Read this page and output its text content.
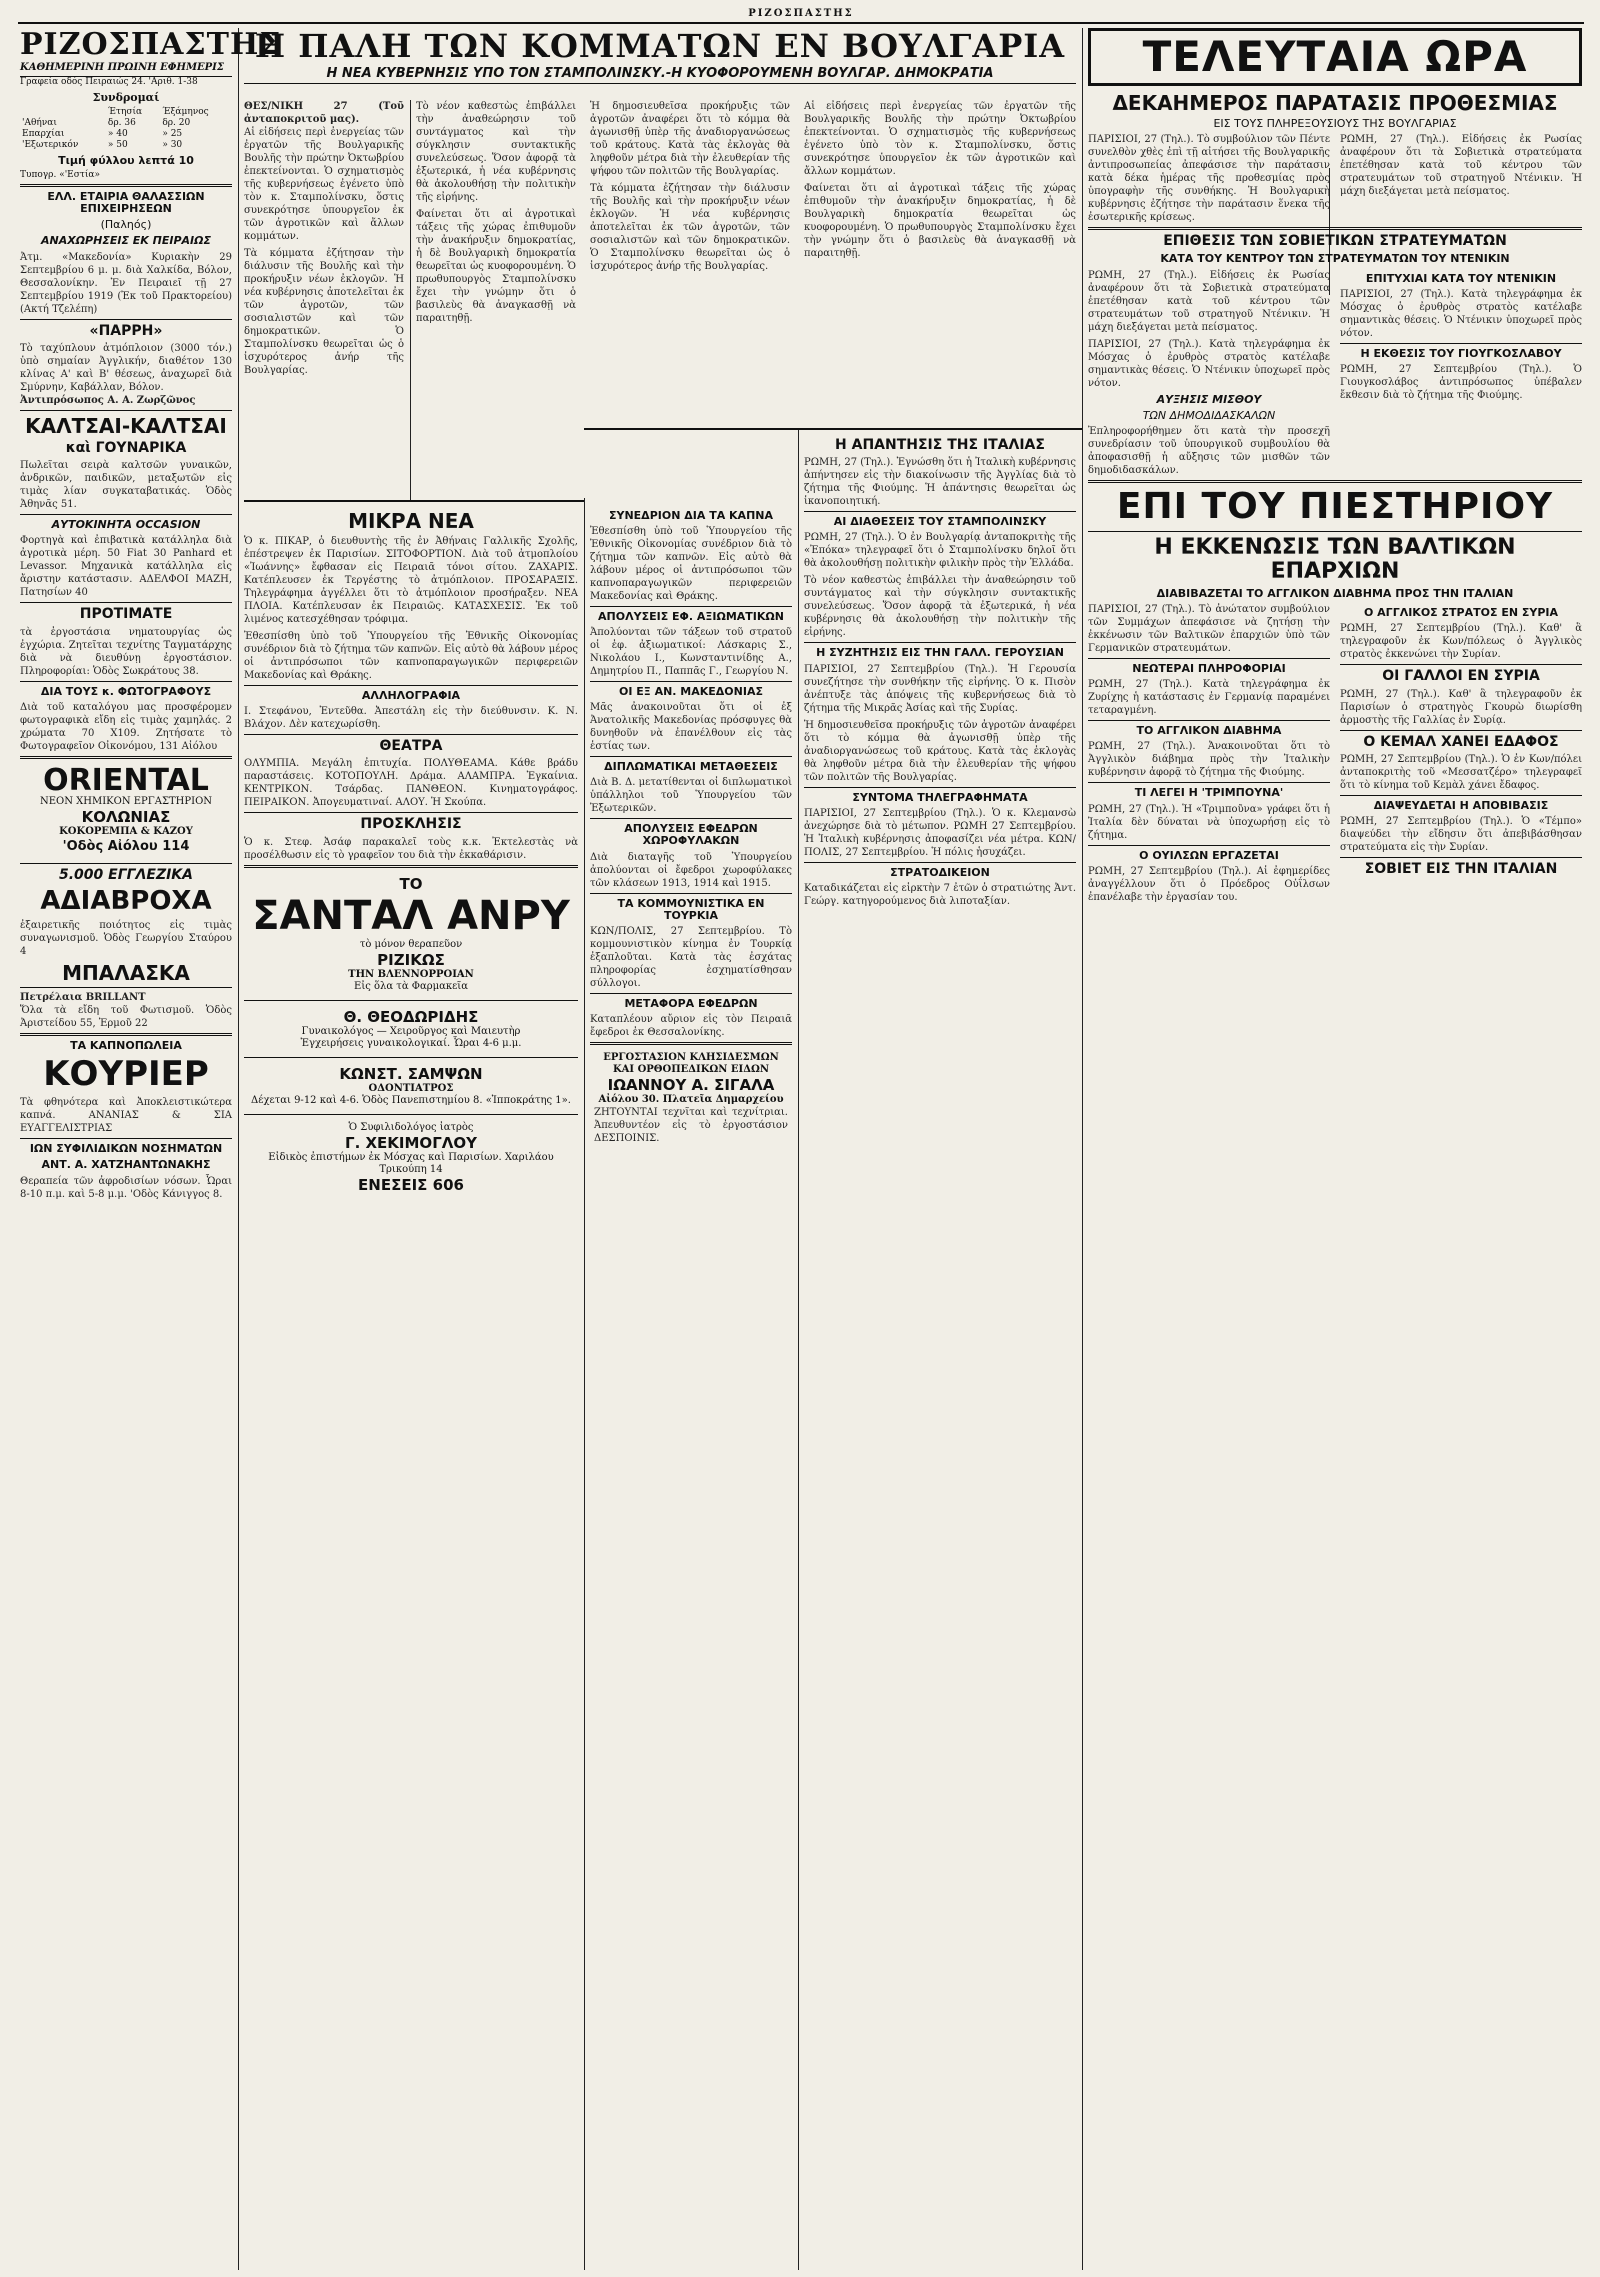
ΡΙΖΟΣΠΑΣΤΗΣ
ΡΙΖΟΣΠΑΣΤΗΣ
ΚΑΘΗΜΕΡΙΝΗ ΠΡΩΙΝΗ ΕΦΗΜΕΡΙΣ
Γραφεία οδός Πειραιώς 24. 'Αριθ. 1-38
Συνδρομαί
	Έτησία	Έξάμηνος
'Αθήναι	δρ. 36	δρ. 20
Επαρχίαι	» 40	» 25
'Εξωτερικόν	» 50	» 30
Τιμή φύλλου λεπτά 10
Τυπογρ. «'Εστία»
ΕΛΛ. ΕΤΑΙΡΙΑ ΘΑΛΑΣΣΙΩΝ ΕΠΙΧΕΙΡΗΣΕΩΝ
(Παληός)
ΑΝΑΧΩΡΗΣΕΙΣ ΕΚ ΠΕΙΡΑΙΩΣ
Ἀτμ. «Μακεδονία» Κυριακὴν 29 Σεπτεμβρίου 6 μ. μ. διὰ Χαλκίδα, Βόλον, Θεσσαλονίκην. Ἐν Πειραιεῖ τῇ 27 Σεπτεμβρίου 1919 (Ἐκ τοῦ Πρακτορείου) (Ακτή Τζελέπη)
«ΠΑΡΡΗ»
Τὸ ταχύπλουν ἀτμόπλοιον (3000 τόν.) ὑπὸ σημαίαν Ἀγγλικήν, διαθέτον 130 κλίνας Α' καὶ Β' θέσεως, ἀναχωρεῖ διὰ Σμύρνην, Καβάλλαν, Βόλον.
Ἀντιπρόσωπος Α. Α. Ζωρζῶνος
ΚΑΛΤΣΑΙ-ΚΑΛΤΣΑΙ
καὶ ΓΟΥΝΑΡΙΚΑ
Πωλεῖται σειρὰ καλτσῶν γυναικῶν, ἀνδρικῶν, παιδικῶν, μεταξωτῶν εἰς τιμὰς λίαν συγκαταβατικάς. Ὁδὸς Ἀθηνᾶς 51.
ΑΥΤΟΚΙΝΗΤΑ OCCASION
Φορτηγὰ καὶ ἐπιβατικὰ κατάλληλα διὰ ἀγροτικὰ μέρη. 50 Fiat 30 Panhard et Levassor. Μηχανικὰ κατάλληλα εἰς ἄριστην κατάστασιν. ΑΔΕΛΦΟΙ ΜΑΖΗ, Πατησίων 40
ΠΡΟΤΙΜΑΤΕ
τὰ ἐργοστάσια νηματουργίας ὡς ἐγχώρια. Ζητεῖται τεχνίτης Ταγματάρχης διὰ νὰ διευθύνῃ ἐργοστάσιον. Πληροφορίαι: Ὁδὸς Σωκράτους 38.
ΔΙΑ ΤΟΥΣ κ. ΦΩΤΟΓΡΑΦΟΥΣ
Διὰ τοῦ καταλόγου μας προσφέρομεν φωτογραφικὰ εἴδη εἰς τιμὰς χαμηλάς. 2 χρώματα 70 Χ109. Ζητήσατε τὸ Φωτογραφεῖον Οἰκονόμου, 131 Αἰόλου
ORIENTAL
ΝΕΟΝ ΧΗΜΙΚΟΝ ΕΡΓΑΣΤΗΡΙΟΝ
ΚΟΛΩΝΙΑΣ
ΚΟΚΟΡΕΜΠΑ & ΚΑΖΟΥ
'Οδὸς Αἰόλου 114
5.000 ΕΓΓΛΕΖΙΚΑ
ΑΔΙΑΒΡΟΧΑ
ἐξαιρετικῆς ποιότητος εἰς τιμὰς συναγωνισμοῦ. Ὁδὸς Γεωργίου Σταύρου 4
ΜΠΑΛΑΣΚΑ
Πετρέλαια BRILLANT
Ὅλα τὰ εἴδη τοῦ Φωτισμοῦ. Ὁδὸς Ἀριστείδου 55, Ἐρμοῦ 22
ΤΑ ΚΑΠΝΟΠΩΛΕΙΑ
ΚΟΥΡΙΕΡ
Τὰ φθηνότερα καὶ Ἀποκλειστικώτερα καπνά. ΑΝΑΝΙΑΣ & ΣΙΑ ΕΥΑΓΓΕΛΙΣΤΡΙΑΣ
ΙΩΝ ΣΥΦΙΛΙΔΙΚΩΝ ΝΟΣΗΜΑΤΩΝ
ΑΝΤ. Α. ΧΑΤΖΗΑΝΤΩΝΑΚΗΣ
Θεραπεία τῶν ἀφροδισίων νόσων. Ὧραι 8-10 π.μ. καὶ 5-8 μ.μ. 'Οδὸς Κάνιγγος 8.
Η ΠΑΛΗ ΤΩΝ ΚΟΜΜΑΤΩΝ ΕΝ ΒΟΥΛΓΑΡΙΑ
Η ΝΕΑ ΚΥΒΕΡΝΗΣΙΣ ΥΠΟ ΤΟΝ ΣΤΑΜΠΟΛΙΝΣΚΥ.-Η ΚΥΟΦΟΡΟΥΜΕΝΗ ΒΟΥΛΓΑΡ. ΔΗΜΟΚΡΑΤΙΑ
ΘΕΣ/ΝΙΚΗ 27 (Τοῦ ἀνταποκριτοῦ μας).
Αἱ εἰδήσεις περὶ ἐνεργείας τῶν ἐργατῶν τῆς Βουλγαρικῆς Βουλῆς τὴν πρώτην Ὀκτωβρίου ἐπεκτείνονται. Ὁ σχηματισμὸς τῆς κυβερνήσεως ἐγένετο ὑπὸ τὸν κ. Σταμπολίνσκυ, ὅστις συνεκρότησε ὑπουργεῖον ἐκ τῶν ἀγροτικῶν καὶ ἄλλων κομμάτων.
Τὰ κόμματα ἐζήτησαν τὴν διάλυσιν τῆς Βουλῆς καὶ τὴν προκήρυξιν νέων ἐκλογῶν. Ἡ νέα κυβέρνησις ἀποτελεῖται ἐκ τῶν ἀγροτῶν, τῶν σοσιαλιστῶν καὶ τῶν δημοκρατικῶν. Ὁ Σταμπολίνσκυ θεωρεῖται ὡς ὁ ἰσχυρότερος ἀνήρ τῆς Βουλγαρίας.
Τὸ νέον καθεστὼς ἐπιβάλλει τὴν ἀναθεώρησιν τοῦ συντάγματος καὶ τὴν σύγκλησιν συντακτικῆς συνελεύσεως. Ὅσον ἀφορᾷ τὰ ἐξωτερικά, ἡ νέα κυβέρνησις θὰ ἀκολουθήσῃ τὴν πολιτικὴν τῆς εἰρήνης.
Φαίνεται ὅτι αἱ ἀγροτικαὶ τάξεις τῆς χώρας ἐπιθυμοῦν τὴν ἀνακήρυξιν δημοκρατίας, ἡ δὲ Βουλγαρικὴ δημοκρατία θεωρεῖται ὡς κυοφορουμένη. Ὁ πρωθυπουργὸς Σταμπολίνσκυ ἔχει τὴν γνώμην ὅτι ὁ βασιλεὺς θὰ ἀναγκασθῇ νὰ παραιτηθῇ.
Ἡ δημοσιευθεῖσα προκήρυξις τῶν ἀγροτῶν ἀναφέρει ὅτι τὸ κόμμα θὰ ἀγωνισθῇ ὑπὲρ τῆς ἀναδιοργανώσεως τοῦ κράτους. Κατὰ τὰς ἐκλογὰς θὰ ληφθοῦν μέτρα διὰ τὴν ἐλευθερίαν τῆς ψήφου τῶν πολιτῶν τῆς Βουλγαρίας.
Τὰ κόμματα ἐζήτησαν τὴν διάλυσιν τῆς Βουλῆς καὶ τὴν προκήρυξιν νέων ἐκλογῶν. Ἡ νέα κυβέρνησις ἀποτελεῖται ἐκ τῶν ἀγροτῶν, τῶν σοσιαλιστῶν καὶ τῶν δημοκρατικῶν. Ὁ Σταμπολίνσκυ θεωρεῖται ὡς ὁ ἰσχυρότερος ἀνήρ τῆς Βουλγαρίας.
Αἱ εἰδήσεις περὶ ἐνεργείας τῶν ἐργατῶν τῆς Βουλγαρικῆς Βουλῆς τὴν πρώτην Ὀκτωβρίου ἐπεκτείνονται. Ὁ σχηματισμὸς τῆς κυβερνήσεως ἐγένετο ὑπὸ τὸν κ. Σταμπολίνσκυ, ὅστις συνεκρότησε ὑπουργεῖον ἐκ τῶν ἀγροτικῶν καὶ ἄλλων κομμάτων.
Φαίνεται ὅτι αἱ ἀγροτικαὶ τάξεις τῆς χώρας ἐπιθυμοῦν τὴν ἀνακήρυξιν δημοκρατίας, ἡ δὲ Βουλγαρικὴ δημοκρατία θεωρεῖται ὡς κυοφορουμένη. Ὁ πρωθυπουργὸς Σταμπολίνσκυ ἔχει τὴν γνώμην ὅτι ὁ βασιλεὺς θὰ ἀναγκασθῇ νὰ παραιτηθῇ.
ΜΙΚΡΑ ΝΕΑ
Ὁ κ. ΠΙΚΑΡ, ὁ διευθυντὴς τῆς ἐν Ἀθήναις Γαλλικῆς Σχολῆς, ἐπέστρεψεν ἐκ Παρισίων. ΣΙΤΟΦΟΡΤΙΟΝ. Διὰ τοῦ ἀτμοπλοίου «Ἰωάννης» ἔφθασαν εἰς Πειραιᾶ τόνοι σίτου. ΖΑΧΑΡΙΣ. Κατέπλευσεν ἐκ Τεργέστης τὸ ἀτμόπλοιον. ΠΡΟΣΑΡΑΞΙΣ. Τηλεγράφημα ἀγγέλλει ὅτι τὸ ἀτμόπλοιον προσήραξεν. ΝΕΑ ΠΛΟΙΑ. Κατέπλευσαν ἐκ Πειραιῶς. ΚΑΤΑΣΧΕΣΙΣ. Ἐκ τοῦ λιμένος κατεσχέθησαν τρόφιμα.
Ἐθεσπίσθη ὑπὸ τοῦ Ὑπουργείου τῆς Ἐθνικῆς Οἰκονομίας συνέδριον διὰ τὸ ζήτημα τῶν καπνῶν. Εἰς αὐτὸ θὰ λάβουν μέρος οἱ ἀντιπρόσωποι τῶν καπνοπαραγωγικῶν περιφερειῶν Μακεδονίας καὶ Θράκης.
ΑΛΛΗΛΟΓΡΑΦΙΑ
Ι. Στεφάνου, Ἐντεῦθα. Ἀπεστάλη εἰς τὴν διεύθυνσιν. Κ. Ν. Βλάχον. Δὲν κατεχωρίσθη.
ΘΕΑΤΡΑ
ΟΛΥΜΠΙΑ. Μεγάλη ἐπιτυχία. ΠΟΛΥΘΕΑΜΑ. Κάθε βράδυ παραστάσεις. ΚΟΤΟΠΟΥΛΗ. Δράμα. ΑΛΑΜΠΡΑ. Ἐγκαίνια. ΚΕΝΤΡΙΚΟΝ. Τσάρδας. ΠΑΝΘΕΟΝ. Κινηματογράφος. ΠΕΙΡΑΙΚΟΝ. Ἀπογευματιναί. ΑΛΟΥ. Ἡ Σκούπα.
ΠΡΟΣΚΛΗΣΙΣ
Ὁ κ. Στεφ. Ἀσάφ παρακαλεῖ τοὺς κ.κ. Ἐκτελεστὰς νὰ προσέλθωσιν εἰς τὸ γραφεῖον του διὰ τὴν ἐκκαθάρισιν.
ΤΟ
ΣΑΝΤΑΛ ΑΝΡΥ
τὸ μόνον θεραπεῦον
ΡΙΖΙΚΩΣ
ΤΗΝ ΒΛΕΝΝΟΡΡΟΙΑΝ
Εἰς ὅλα τὰ Φαρμακεῖα
Θ. ΘΕΟΔΩΡΙΔΗΣ
Γυναικολόγος — Χειροῦργος καὶ Μαιευτὴρ
Ἐγχειρήσεις γυναικολογικαί. Ὧραι 4-6 μ.μ.
ΚΩΝΣΤ. ΣΑΜΨΩΝ
ΟΔΟΝΤΙΑΤΡΟΣ
Δέχεται 9-12 καὶ 4-6. Ὁδὸς Πανεπιστημίου 8. «Ἱπποκράτης 1».
Ὁ Συφιλιδολόγος ἰατρὸς
Γ. ΧΕΚΙΜΟΓΛΟΥ
Εἰδικὸς ἐπιστήμων ἐκ Μόσχας καὶ Παρισίων. Χαριλάου Τρικούπη 14
ΕΝΕΣΕΙΣ 606
ΣΥΝΕΔΡΙΟΝ ΔΙΑ ΤΑ ΚΑΠΝΑ
Ἐθεσπίσθη ὑπὸ τοῦ Ὑπουργείου τῆς Ἐθνικῆς Οἰκονομίας συνέδριον διὰ τὸ ζήτημα τῶν καπνῶν. Εἰς αὐτὸ θὰ λάβουν μέρος οἱ ἀντιπρόσωποι τῶν καπνοπαραγωγικῶν περιφερειῶν Μακεδονίας καὶ Θράκης.
ΑΠΟΛΥΣΕΙΣ ΕΦ. ΑΞΙΩΜΑΤΙΚΩΝ
Ἀπολύονται τῶν τάξεων τοῦ στρατοῦ οἱ ἐφ. ἀξιωματικοί: Λάσκαρις Σ., Νικολάου Ι., Κωνσταντινίδης Α., Δημητρίου Π., Παππᾶς Γ., Γεωργίου Ν.
ΟΙ ΕΞ ΑΝ. ΜΑΚΕΔΟΝΙΑΣ
Μᾶς ἀνακοινοῦται ὅτι οἱ ἐξ Ἀνατολικῆς Μακεδονίας πρόσφυγες θὰ δυνηθοῦν νὰ ἐπανέλθουν εἰς τὰς ἑστίας των.
ΔΙΠΛΩΜΑΤΙΚΑΙ ΜΕΤΑΘΕΣΕΙΣ
Διὰ Β. Δ. μετατίθενται οἱ διπλωματικοὶ ὑπάλληλοι τοῦ Ὑπουργείου τῶν Ἐξωτερικῶν.
ΑΠΟΛΥΣΕΙΣ ΕΦΕΔΡΩΝ ΧΩΡΟΦΥΛΑΚΩΝ
Διὰ διαταγῆς τοῦ Ὑπουργείου ἀπολύονται οἱ ἔφεδροι χωροφύλακες τῶν κλάσεων 1913, 1914 καὶ 1915.
ΤΑ ΚΟΜΜΟΥΝΙΣΤΙΚΑ ΕΝ ΤΟΥΡΚΙΑ
ΚΩΝ/ΠΟΛΙΣ, 27 Σεπτεμβρίου. Τὸ κομμουνιστικὸν κίνημα ἐν Τουρκίᾳ ἐξαπλοῦται. Κατὰ τὰς ἐσχάτας πληροφορίας ἐσχηματίσθησαν σύλλογοι.
ΜΕΤΑΦΟΡΑ ΕΦΕΔΡΩΝ
Καταπλέουν αὔριον εἰς τὸν Πειραιᾶ ἔφεδροι ἐκ Θεσσαλονίκης.
ΕΡΓΟΣΤΑΣΙΟΝ ΚΛΗΣΙΔΕΣΜΩΝ
ΚΑΙ ΟΡΘΟΠΕΔΙΚΩΝ ΕΙΔΩΝ
ΙΩΑΝΝΟΥ Α. ΣΙΓΑΛΑ
Αἰόλου 30. Πλατεῖα Δημαρχείου
ΖΗΤΟΥΝΤΑΙ τεχνῖται καὶ τεχνίτριαι. Ἀπευθυντέον εἰς τὸ ἐργοστάσιον ΔΕΣΠΟΙΝΙΣ.
Η ΑΠΑΝΤΗΣΙΣ ΤΗΣ ΙΤΑΛΙΑΣ
ΡΩΜΗ, 27 (Τηλ.). Ἐγνώσθη ὅτι ἡ Ἰταλικὴ κυβέρνησις ἀπήντησεν εἰς τὴν διακοίνωσιν τῆς Ἀγγλίας διὰ τὸ ζήτημα τῆς Φιούμης. Ἡ ἀπάντησις θεωρεῖται ὡς ἱκανοποιητική.
ΑΙ ΔΙΑΘΕΣΕΙΣ ΤΟΥ ΣΤΑΜΠΟΛΙΝΣΚΥ
ΡΩΜΗ, 27 (Τηλ.). Ὁ ἐν Βουλγαρίᾳ ἀνταποκριτὴς τῆς «Ἐπόκα» τηλεγραφεῖ ὅτι ὁ Σταμπολίνσκυ δηλοῖ ὅτι θὰ ἀκολουθήσῃ πολιτικὴν φιλικὴν πρὸς τὴν Ἑλλάδα.
Τὸ νέον καθεστὼς ἐπιβάλλει τὴν ἀναθεώρησιν τοῦ συντάγματος καὶ τὴν σύγκλησιν συντακτικῆς συνελεύσεως. Ὅσον ἀφορᾷ τὰ ἐξωτερικά, ἡ νέα κυβέρνησις θὰ ἀκολουθήσῃ τὴν πολιτικὴν τῆς εἰρήνης.
Η ΣΥΖΗΤΗΣΙΣ ΕΙΣ ΤΗΝ ΓΑΛΛ. ΓΕΡΟΥΣΙΑΝ
ΠΑΡΙΣΙΟΙ, 27 Σεπτεμβρίου (Τηλ.). Ἡ Γερουσία συνεζήτησε τὴν συνθήκην τῆς εἰρήνης. Ὁ κ. Πισὸν ἀνέπτυξε τὰς ἀπόψεις τῆς κυβερνήσεως διὰ τὸ ζήτημα τῆς Μικρᾶς Ἀσίας καὶ τῆς Συρίας.
Ἡ δημοσιευθεῖσα προκήρυξις τῶν ἀγροτῶν ἀναφέρει ὅτι τὸ κόμμα θὰ ἀγωνισθῇ ὑπὲρ τῆς ἀναδιοργανώσεως τοῦ κράτους. Κατὰ τὰς ἐκλογὰς θὰ ληφθοῦν μέτρα διὰ τὴν ἐλευθερίαν τῆς ψήφου τῶν πολιτῶν τῆς Βουλγαρίας.
ΣΥΝΤΟΜΑ ΤΗΛΕΓΡΑΦΗΜΑΤΑ
ΠΑΡΙΣΙΟΙ, 27 Σεπτεμβρίου (Τηλ.). Ὁ κ. Κλεμανσὼ ἀνεχώρησε διὰ τὸ μέτωπον. ΡΩΜΗ 27 Σεπτεμβρίου. Ἡ Ἰταλικὴ κυβέρνησις ἀποφασίζει νέα μέτρα. ΚΩΝ/ΠΟΛΙΣ, 27 Σεπτεμβρίου. Ἡ πόλις ἡσυχάζει.
ΣΤΡΑΤΟΔΙΚΕΙΟΝ
Καταδικάζεται εἰς εἱρκτὴν 7 ἐτῶν ὁ στρατιώτης Ἀντ. Γεώργ. κατηγορούμενος διὰ λιποταξίαν.
ΤΕΛΕΥΤΑΙΑ ΩΡΑ
ΔΕΚΑΗΜΕΡΟΣ ΠΑΡΑΤΑΣΙΣ ΠΡΟΘΕΣΜΙΑΣ
ΕΙΣ ΤΟΥΣ ΠΛΗΡΕΞΟΥΣΙΟΥΣ ΤΗΣ ΒΟΥΛΓΑΡΙΑΣ
ΠΑΡΙΣΙΟΙ, 27 (Τηλ.). Τὸ συμβούλιον τῶν Πέντε συνελθὸν χθὲς ἐπὶ τῇ αἰτήσει τῆς Βουλγαρικῆς ἀντιπροσωπείας ἀπεφάσισε τὴν παράτασιν κατὰ δέκα ἡμέρας τῆς προθεσμίας πρὸς ὑπογραφὴν τῆς συνθήκης. Ἡ Βουλγαρικὴ κυβέρνησις ἐζήτησε τὴν παράτασιν ἕνεκα τῆς ἐσωτερικῆς κρίσεως.
ΡΩΜΗ, 27 (Τηλ.). Εἰδήσεις ἐκ Ρωσίας ἀναφέρουν ὅτι τὰ Σοβιετικὰ στρατεύματα ἐπετέθησαν κατὰ τοῦ κέντρου τῶν στρατευμάτων τοῦ στρατηγοῦ Ντένικιν. Ἡ μάχη διεξάγεται μετὰ πείσματος.
ΕΠΙΘΕΣΙΣ ΤΩΝ ΣΟΒΙΕΤΙΚΩΝ ΣΤΡΑΤΕΥΜΑΤΩΝ
ΚΑΤΑ ΤΟΥ ΚΕΝΤΡΟΥ ΤΩΝ ΣΤΡΑΤΕΥΜΑΤΩΝ ΤΟΥ ΝΤΕΝΙΚΙΝ
ΡΩΜΗ, 27 (Τηλ.). Εἰδήσεις ἐκ Ρωσίας ἀναφέρουν ὅτι τὰ Σοβιετικὰ στρατεύματα ἐπετέθησαν κατὰ τοῦ κέντρου τῶν στρατευμάτων τοῦ στρατηγοῦ Ντένικιν. Ἡ μάχη διεξάγεται μετὰ πείσματος.
ΠΑΡΙΣΙΟΙ, 27 (Τηλ.). Κατὰ τηλεγράφημα ἐκ Μόσχας ὁ ἐρυθρὸς στρατὸς κατέλαβε σημαντικὰς θέσεις. Ὁ Ντένικιν ὑποχωρεῖ πρὸς νότον.
ΑΥΞΗΣΙΣ ΜΙΣΘΟΥ
ΤΩΝ ΔΗΜΟΔΙΔΑΣΚΑΛΩΝ
Ἐπληροφορήθημεν ὅτι κατὰ τὴν προσεχῆ συνεδρίασιν τοῦ ὑπουργικοῦ συμβουλίου θὰ ἀποφασισθῇ ἡ αὔξησις τῶν μισθῶν τῶν δημοδιδασκάλων.
ΕΠΙΤΥΧΙΑΙ ΚΑΤΑ ΤΟΥ ΝΤΕΝΙΚΙΝ
ΠΑΡΙΣΙΟΙ, 27 (Τηλ.). Κατὰ τηλεγράφημα ἐκ Μόσχας ὁ ἐρυθρὸς στρατὸς κατέλαβε σημαντικὰς θέσεις. Ὁ Ντένικιν ὑποχωρεῖ πρὸς νότον.
Η ΕΚΘΕΣΙΣ ΤΟΥ ΓΙΟΥΓΚΟΣΛΑΒΟΥ
ΡΩΜΗ, 27 Σεπτεμβρίου (Τηλ.). Ὁ Γιουγκοσλάβος ἀντιπρόσωπος ὑπέβαλεν ἔκθεσιν διὰ τὸ ζήτημα τῆς Φιούμης.
ΕΠΙ ΤΟΥ ΠΙΕΣΤΗΡΙΟΥ
Η ΕΚΚΕΝΩΣΙΣ ΤΩΝ ΒΑΛΤΙΚΩΝ ΕΠΑΡΧΙΩΝ
ΔΙΑΒΙΒΑΖΕΤΑΙ ΤΟ ΑΓΓΛΙΚΟΝ ΔΙΑΒΗΜΑ ΠΡΟΣ ΤΗΝ ΙΤΑΛΙΑΝ
ΠΑΡΙΣΙΟΙ, 27 (Τηλ.). Τὸ ἀνώτατον συμβούλιον τῶν Συμμάχων ἀπεφάσισε νὰ ζητήσῃ τὴν ἐκκένωσιν τῶν Βαλτικῶν ἐπαρχιῶν ὑπὸ τῶν Γερμανικῶν στρατευμάτων.
ΝΕΩΤΕΡΑΙ ΠΛΗΡΟΦΟΡΙΑΙ
ΡΩΜΗ, 27 (Τηλ.). Κατὰ τηλεγράφημα ἐκ Ζυρίχης ἡ κατάστασις ἐν Γερμανίᾳ παραμένει τεταραγμένη.
ΤΟ ΑΓΓΛΙΚΟΝ ΔΙΑΒΗΜΑ
ΡΩΜΗ, 27 (Τηλ.). Ἀνακοινοῦται ὅτι τὸ Ἀγγλικὸν διάβημα πρὸς τὴν Ἰταλικὴν κυβέρνησιν ἀφορᾷ τὸ ζήτημα τῆς Φιούμης.
ΤΙ ΛΕΓΕΙ Η 'ΤΡΙΜΠΟΥΝΑ'
ΡΩΜΗ, 27 (Τηλ.). Ἡ «Τριμποῦνα» γράφει ὅτι ἡ Ἰταλία δὲν δύναται νὰ ὑποχωρήσῃ εἰς τὸ ζήτημα.
Ο ΟΥΙΛΣΩΝ ΕΡΓΑΖΕΤΑΙ
ΡΩΜΗ, 27 Σεπτεμβρίου (Τηλ.). Αἱ ἐφημερίδες ἀναγγέλλουν ὅτι ὁ Πρόεδρος Οὐΐλσων ἐπανέλαβε τὴν ἐργασίαν του.
Ο ΑΓΓΛΙΚΟΣ ΣΤΡΑΤΟΣ ΕΝ ΣΥΡΙΑ
ΡΩΜΗ, 27 Σεπτεμβρίου (Τηλ.). Καθ' ἃ τηλεγραφοῦν ἐκ Κων/πόλεως ὁ Ἀγγλικὸς στρατὸς ἐκκενώνει τὴν Συρίαν.
ΟΙ ΓΑΛΛΟΙ ΕΝ ΣΥΡΙΑ
ΡΩΜΗ, 27 (Τηλ.). Καθ' ἃ τηλεγραφοῦν ἐκ Παρισίων ὁ στρατηγὸς Γκουρὼ διωρίσθη ἀρμοστὴς τῆς Γαλλίας ἐν Συρίᾳ.
Ο ΚΕΜΑΛ ΧΑΝΕΙ ΕΔΑΦΟΣ
ΡΩΜΗ, 27 Σεπτεμβρίου (Τηλ.). Ὁ ἐν Κων/πόλει ἀνταποκριτὴς τοῦ «Μεσσατζέρο» τηλεγραφεῖ ὅτι τὸ κίνημα τοῦ Κεμὰλ χάνει ἔδαφος.
ΔΙΑΨΕΥΔΕΤΑΙ Η ΑΠΟΒΙΒΑΣΙΣ
ΡΩΜΗ, 27 Σεπτεμβρίου (Τηλ.). Ὁ «Τέμπο» διαψεύδει τὴν εἴδησιν ὅτι ἀπεβιβάσθησαν στρατεύματα εἰς τὴν Συρίαν.
ΣΟΒΙΕΤ ΕΙΣ ΤΗΝ ΙΤΑΛΙΑΝ
